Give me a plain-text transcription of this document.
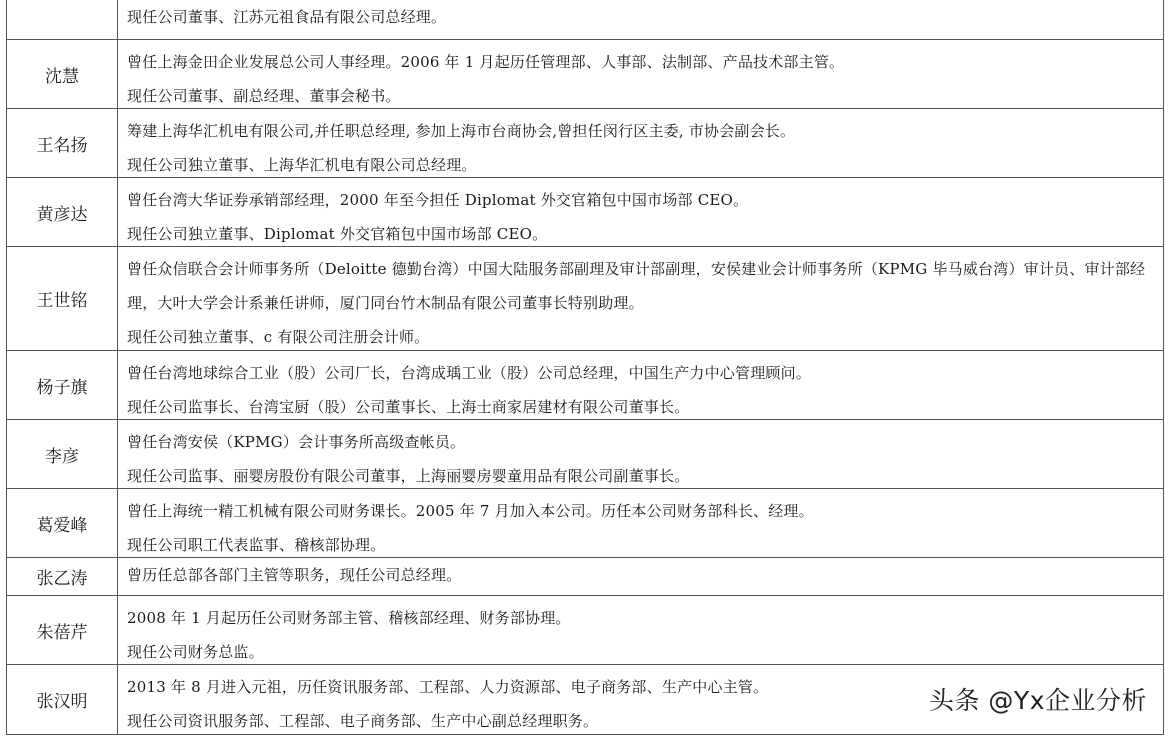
现任公司董事、江苏元祖食品有限公司总经理。
沈慧
曾任上海金田企业发展总公司人事经理。2006 年 1 月起历任管理部、人事部、法制部、产品技术部主管。
现任公司董事、副总经理、董事会秘书。
王名扬
筹建上海华汇机电有限公司,并任职总经理, 参加上海市台商协会,曾担任闵行区主委, 市协会副会长。
现任公司独立董事、上海华汇机电有限公司总经理。
黄彦达
曾任台湾大华证券承销部经理，2000 年至今担任 Diplomat 外交官箱包中国市场部 CEO。
现任公司独立董事、Diplomat 外交官箱包中国市场部 CEO。
王世铭
曾任众信联合会计师事务所（Deloitte 德勤台湾）中国大陆服务部副理及审计部副理，安侯建业会计师事务所（KPMG 毕马威台湾）审计员、审计部经理，大叶大学会计系兼任讲师，厦门同台竹木制品有限公司董事长特别助理。
现任公司独立董事、c 有限公司注册会计师。
杨子旗
曾任台湾地球综合工业（股）公司厂长，台湾成瑀工业（股）公司总经理，中国生产力中心管理顾问。
现任公司监事长、台湾宝厨（股）公司董事长、上海士商家居建材有限公司董事长。
李彦
曾任台湾安侯（KPMG）会计事务所高级查帐员。
现任公司监事、丽婴房股份有限公司董事，上海丽婴房婴童用品有限公司副董事长。
葛爱峰
曾任上海统一精工机械有限公司财务课长。2005 年 7 月加入本公司。历任本公司财务部科长、经理。
现任公司职工代表监事、稽核部协理。
张乙涛	曾历任总部各部门主管等职务，现任公司总经理。
朱蓓芹
2008 年 1 月起历任公司财务部主管、稽核部经理、财务部协理。
现任公司财务总监。
张汉明
2013 年 8 月进入元祖，历任资讯服务部、工程部、人力资源部、电子商务部、生产中心主管。
现任公司资讯服务部、工程部、电子商务部、生产中心副总经理职务。
头条 @Yx企业分析
